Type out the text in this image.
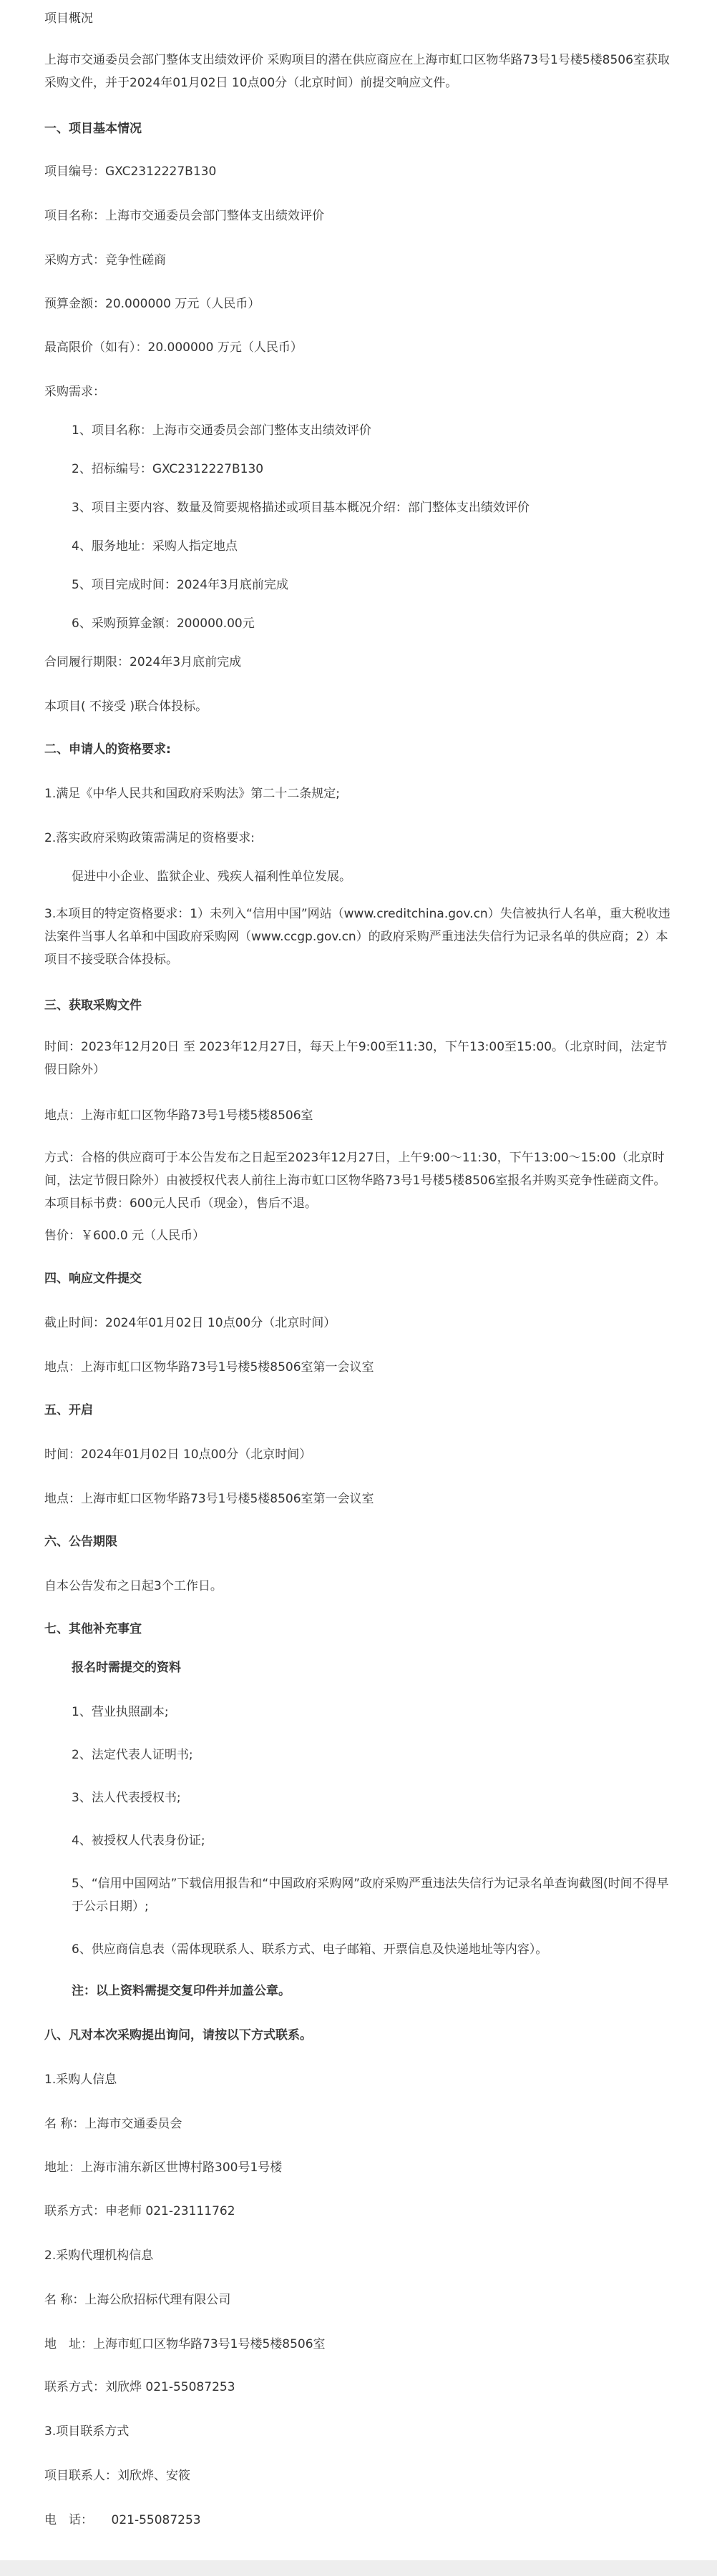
项目概况

上海市交通委员会部门整体支出绩效评价 采购项目的潜在供应商应在上海市虹口区物华路73号1号楼5楼8506室获取采购文件，并于2024年01月02日 10点00分（北京时间）前提交响应文件。

一、项目基本情况

项目编号：GXC2312227B130

项目名称：上海市交通委员会部门整体支出绩效评价

采购方式：竞争性磋商

预算金额：20.000000 万元（人民币）

最高限价（如有）：20.000000 万元（人民币）

采购需求：

1、项目名称：上海市交通委员会部门整体支出绩效评价

2、招标编号：GXC2312227B130

3、项目主要内容、数量及简要规格描述或项目基本概况介绍：部门整体支出绩效评价

4、服务地址：采购人指定地点

5、项目完成时间：2024年3月底前完成

6、采购预算金额：200000.00元

合同履行期限：2024年3月底前完成

本项目( 不接受 )联合体投标。

二、申请人的资格要求:

1.满足《中华人民共和国政府采购法》第二十二条规定;

2.落实政府采购政策需满足的资格要求:

促进中小企业、监狱企业、残疾人福利性单位发展。

3.本项目的特定资格要求：1）未列入“信用中国”网站（www.creditchina.gov.cn）失信被执行人名单，重大税收违法案件当事人名单和中国政府采购网（www.ccgp.gov.cn）的政府采购严重违法失信行为记录名单的供应商；2）本项目不接受联合体投标。

三、获取采购文件

时间：2023年12月20日 至 2023年12月27日，每天上午9:00至11:30，下午13:00至15:00。（北京时间，法定节假日除外）

地点：上海市虹口区物华路73号1号楼5楼8506室

方式：合格的供应商可于本公告发布之日起至2023年12月27日，上午9:00～11:30，下午13:00～15:00（北京时间，法定节假日除外）由被授权代表人前往上海市虹口区物华路73号1号楼5楼8506室报名并购买竞争性磋商文件。本项目标书费：600元人民币（现金），售后不退。

售价：￥600.0 元（人民币）

四、响应文件提交

截止时间：2024年01月02日 10点00分（北京时间）

地点：上海市虹口区物华路73号1号楼5楼8506室第一会议室

五、开启

时间：2024年01月02日 10点00分（北京时间）

地点：上海市虹口区物华路73号1号楼5楼8506室第一会议室

六、公告期限

自本公告发布之日起3个工作日。

七、其他补充事宜

报名时需提交的资料

1、营业执照副本;

2、法定代表人证明书;

3、法人代表授权书;

4、被授权人代表身份证;

5、“信用中国网站”下载信用报告和“中国政府采购网”政府采购严重违法失信行为记录名单查询截图(时间不得早于公示日期）;

6、供应商信息表（需体现联系人、联系方式、电子邮箱、开票信息及快递地址等内容）。

注：以上资料需提交复印件并加盖公章。

八、凡对本次采购提出询问，请按以下方式联系。

1.采购人信息

名 称：上海市交通委员会

地址：上海市浦东新区世博村路300号1号楼

联系方式：申老师 021-23111762

2.采购代理机构信息

名 称：上海公欣招标代理有限公司

地　址：上海市虹口区物华路73号1号楼5楼8506室

联系方式：刘欣烨 021-55087253

3.项目联系方式

项目联系人：刘欣烨、安筱

电　话：　　021-55087253
